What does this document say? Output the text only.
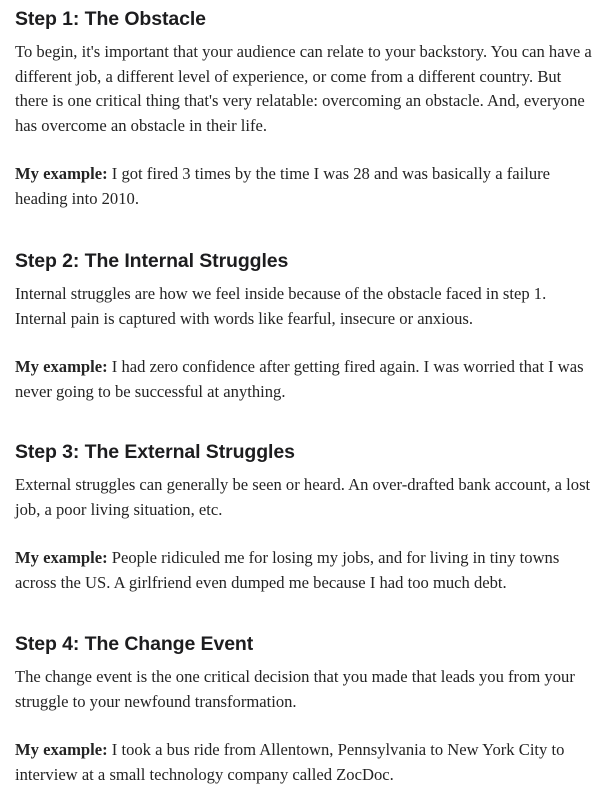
Step 1: The Obstacle

To begin, it's important that your audience can relate to your backstory. You can have a different job, a different level of experience, or come from a different country. But there is one critical thing that's very relatable: overcoming an obstacle. And, everyone has overcome an obstacle in their life.

My example: I got fired 3 times by the time I was 28 and was basically a failure heading into 2010.

Step 2: The Internal Struggles

Internal struggles are how we feel inside because of the obstacle faced in step 1. Internal pain is captured with words like fearful, insecure or anxious.

My example: I had zero confidence after getting fired again. I was worried that I was never going to be successful at anything.

Step 3: The External Struggles

External struggles can generally be seen or heard. An over-drafted bank account, a lost job, a poor living situation, etc.

My example: People ridiculed me for losing my jobs, and for living in tiny towns across the US. A girlfriend even dumped me because I had too much debt.

Step 4: The Change Event

The change event is the one critical decision that you made that leads you from your struggle to your newfound transformation.

My example: I took a bus ride from Allentown, Pennsylvania to New York City to interview at a small technology company called ZocDoc.
